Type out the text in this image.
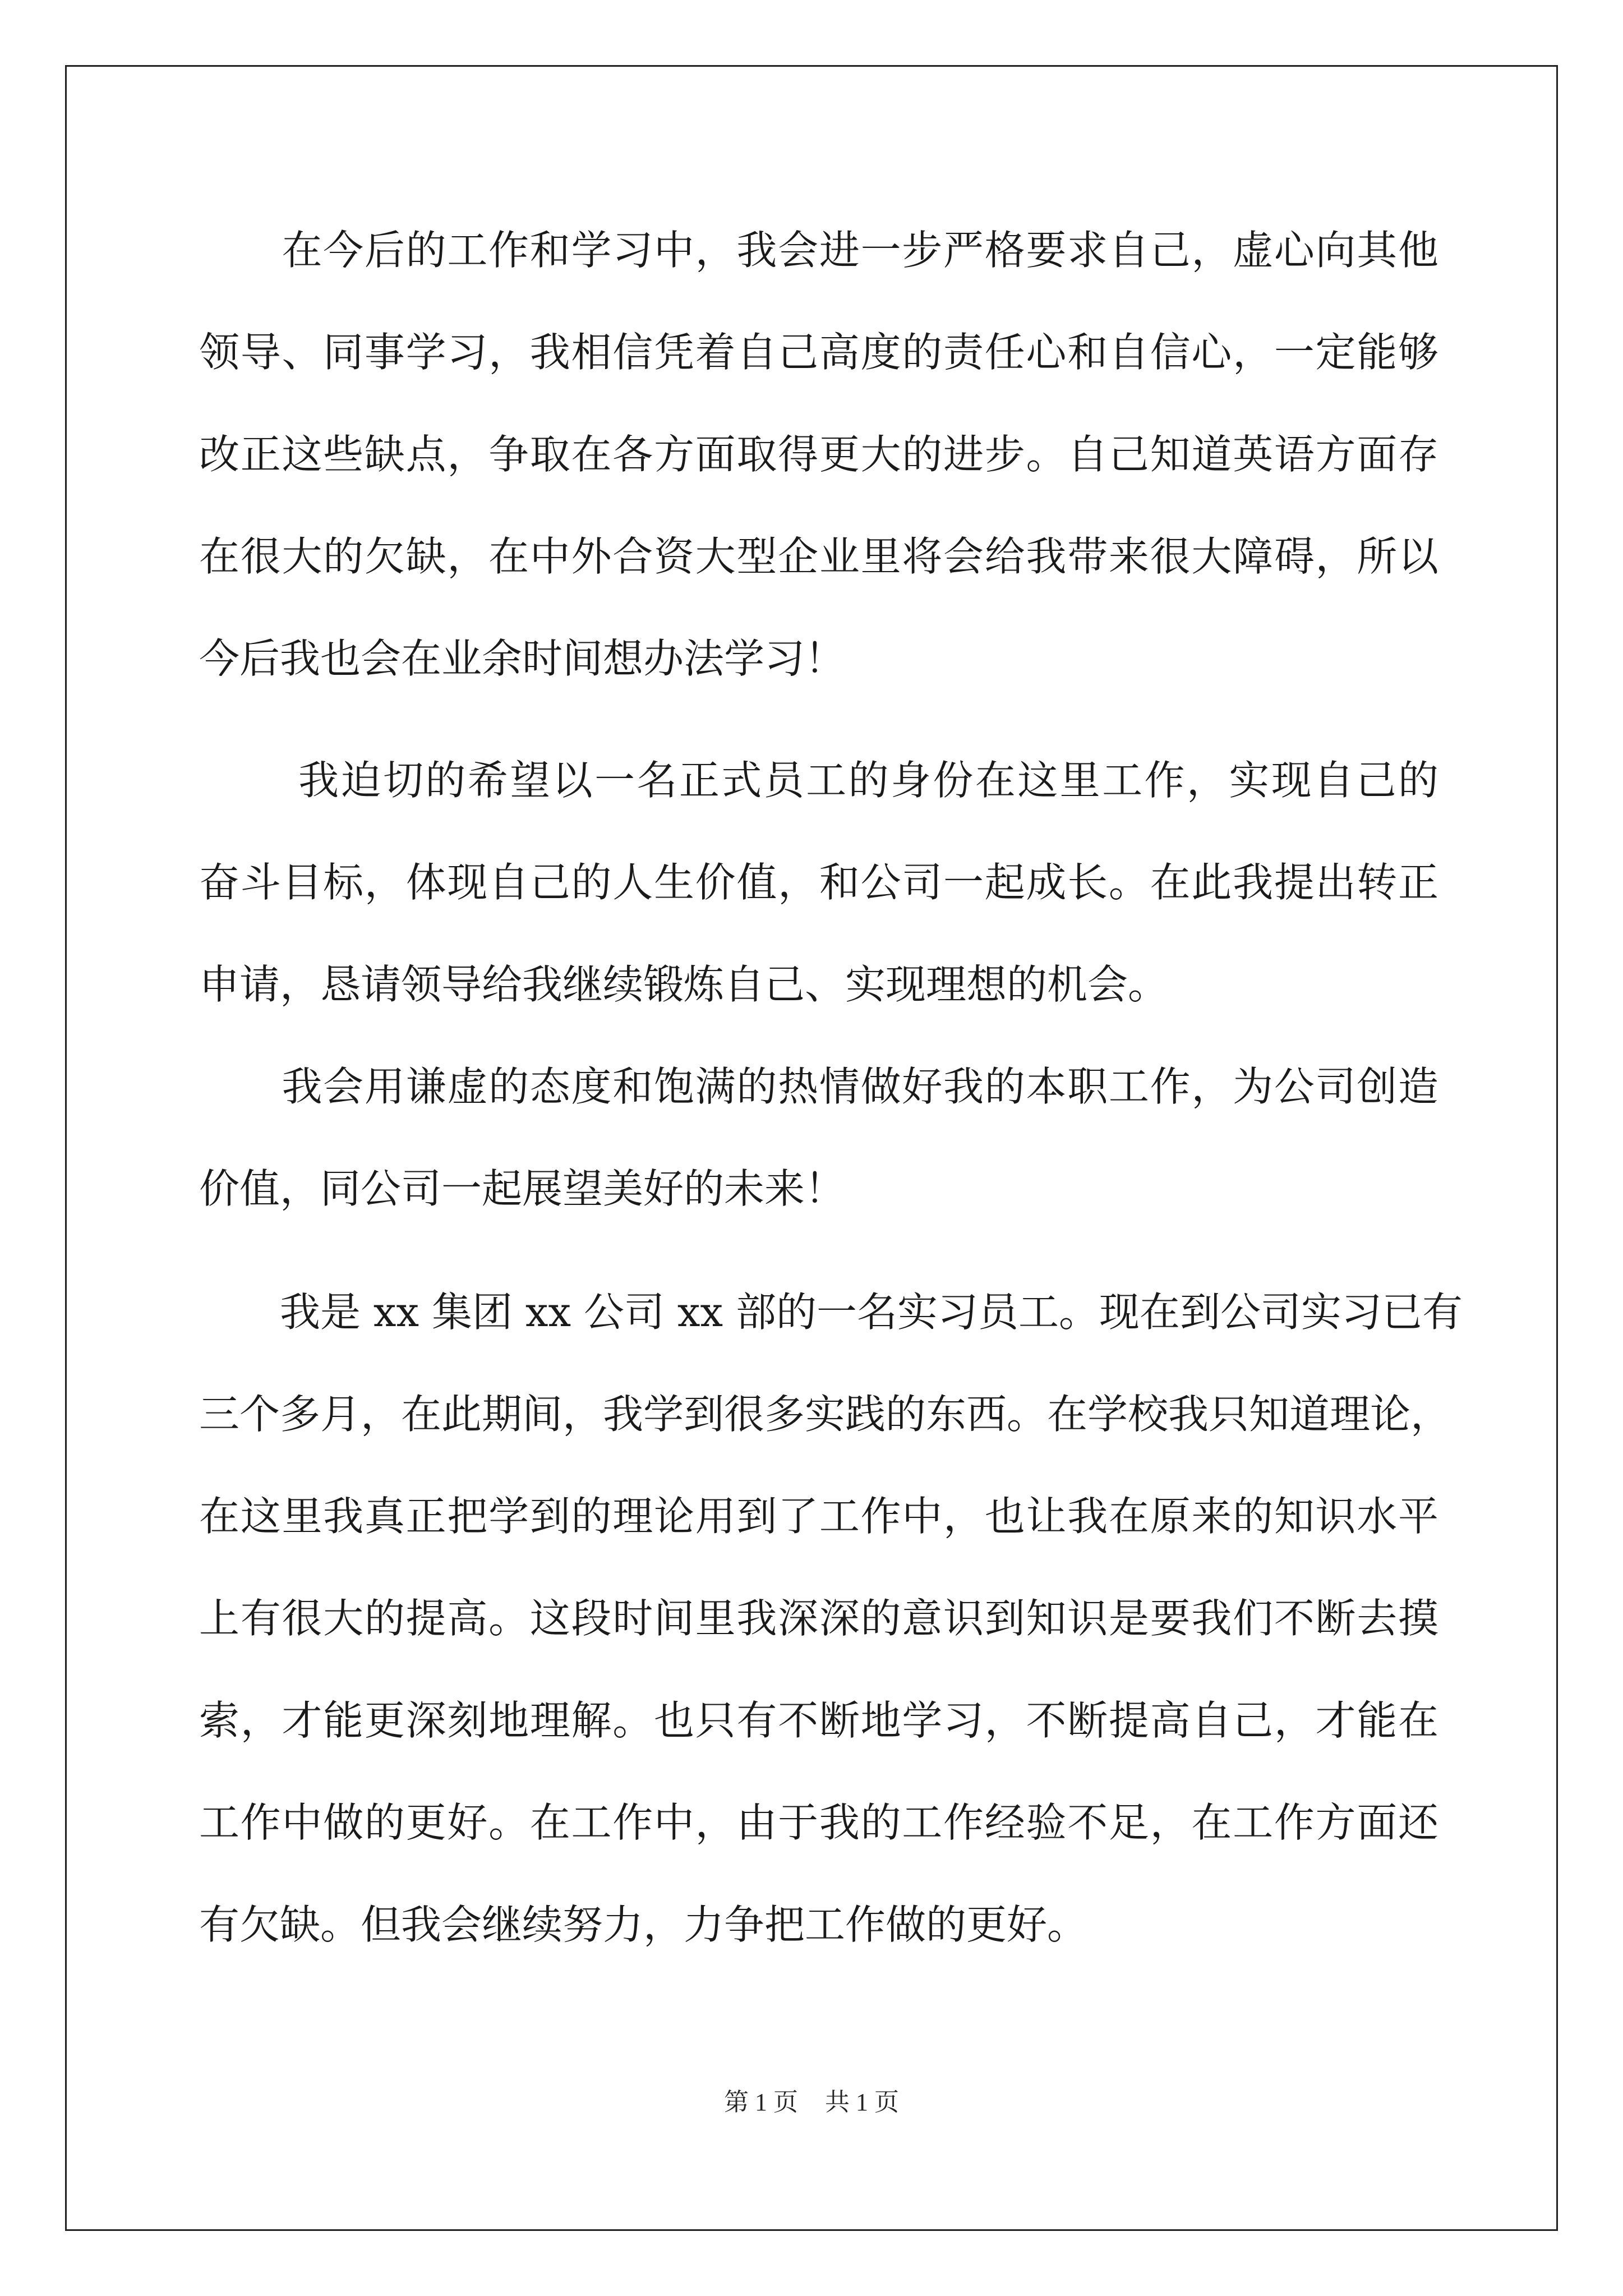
　　在今后的工作和学习中，我会进一步严格要求自己，虚心向其他
领导、同事学习，我相信凭着自己高度的责任心和自信心，一定能够
改正这些缺点，争取在各方面取得更大的进步。自己知道英语方面存
在很大的欠缺，在中外合资大型企业里将会给我带来很大障碍，所以
今后我也会在业余时间想办法学习！
　　 我迫切的希望以一名正式员工的身份在这里工作，实现自己的
奋斗目标，体现自己的人生价值，和公司一起成长。在此我提出转正
申请，恳请领导给我继续锻炼自己、实现理想的机会。
　　我会用谦虚的态度和饱满的热情做好我的本职工作，为公司创造
价值，同公司一起展望美好的未来！
　　我是 xx 集团 xx 公司 xx 部的一名实习员工。现在到公司实习已有
三个多月，在此期间，我学到很多实践的东西。在学校我只知道理论，
在这里我真正把学到的理论用到了工作中，也让我在原来的知识水平
上有很大的提高。这段时间里我深深的意识到知识是要我们不断去摸
索，才能更深刻地理解。也只有不断地学习，不断提高自己，才能在
工作中做的更好。在工作中，由于我的工作经验不足，在工作方面还
有欠缺。但我会继续努力，力争把工作做的更好。
第 1 页 共 1 页
